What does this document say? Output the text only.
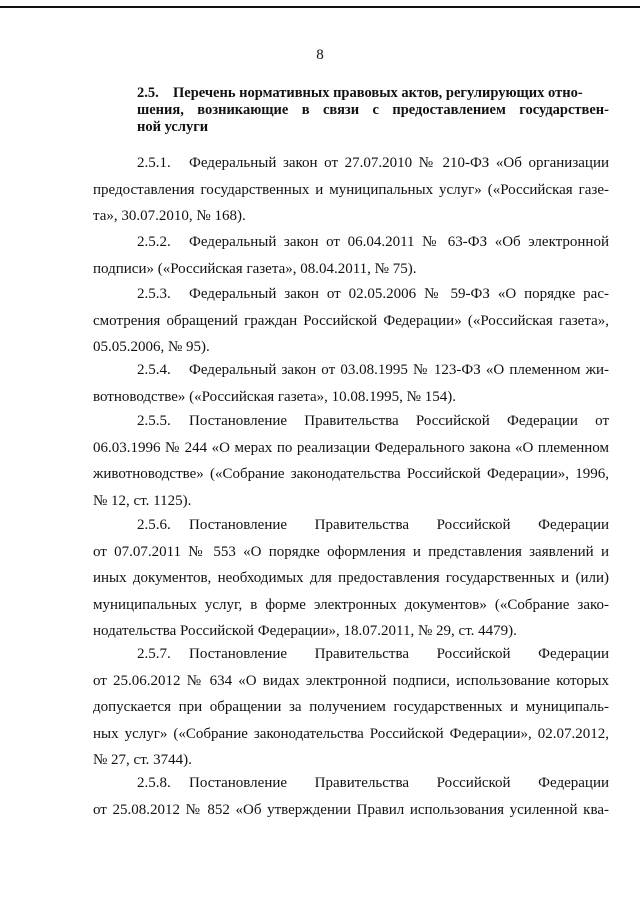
8
2.5. Перечень нормативных правовых актов, регулирующих отно-
шения, возникающие в связи с предоставлением государствен-
ной услуги
2.5.1. Федеральный закон от 27.07.2010 № 210-ФЗ «Об организации
предоставления государственных и муниципальных услуг» («Российская газе-
та», 30.07.2010, № 168).
2.5.2. Федеральный закон от 06.04.2011 № 63-ФЗ «Об электронной
подписи» («Российская газета», 08.04.2011, № 75).
2.5.3. Федеральный закон от 02.05.2006 № 59-ФЗ «О порядке рас-
смотрения обращений граждан Российской Федерации» («Российская газета»,
05.05.2006, № 95).
2.5.4. Федеральный закон от 03.08.1995 № 123-ФЗ «О племенном жи-
вотноводстве» («Российская газета», 10.08.1995, № 154).
2.5.5. Постановление Правительства Российской Федерации от
06.03.1996 № 244 «О мерах по реализации Федерального закона «О племенном
животноводстве» («Собрание законодательства Российской Федерации», 1996,
№ 12, ст. 1125).
2.5.6. Постановление Правительства Российской Федерации
от 07.07.2011 № 553 «О порядке оформления и представления заявлений и
иных документов, необходимых для предоставления государственных и (или)
муниципальных услуг, в форме электронных документов» («Собрание зако-
нодательства Российской Федерации», 18.07.2011, № 29, ст. 4479).
2.5.7. Постановление Правительства Российской Федерации
от 25.06.2012 № 634 «О видах электронной подписи, использование которых
допускается при обращении за получением государственных и муниципаль-
ных услуг» («Собрание законодательства Российской Федерации», 02.07.2012,
№ 27, ст. 3744).
2.5.8. Постановление Правительства Российской Федерации
от 25.08.2012 № 852 «Об утверждении Правил использования усиленной ква-
